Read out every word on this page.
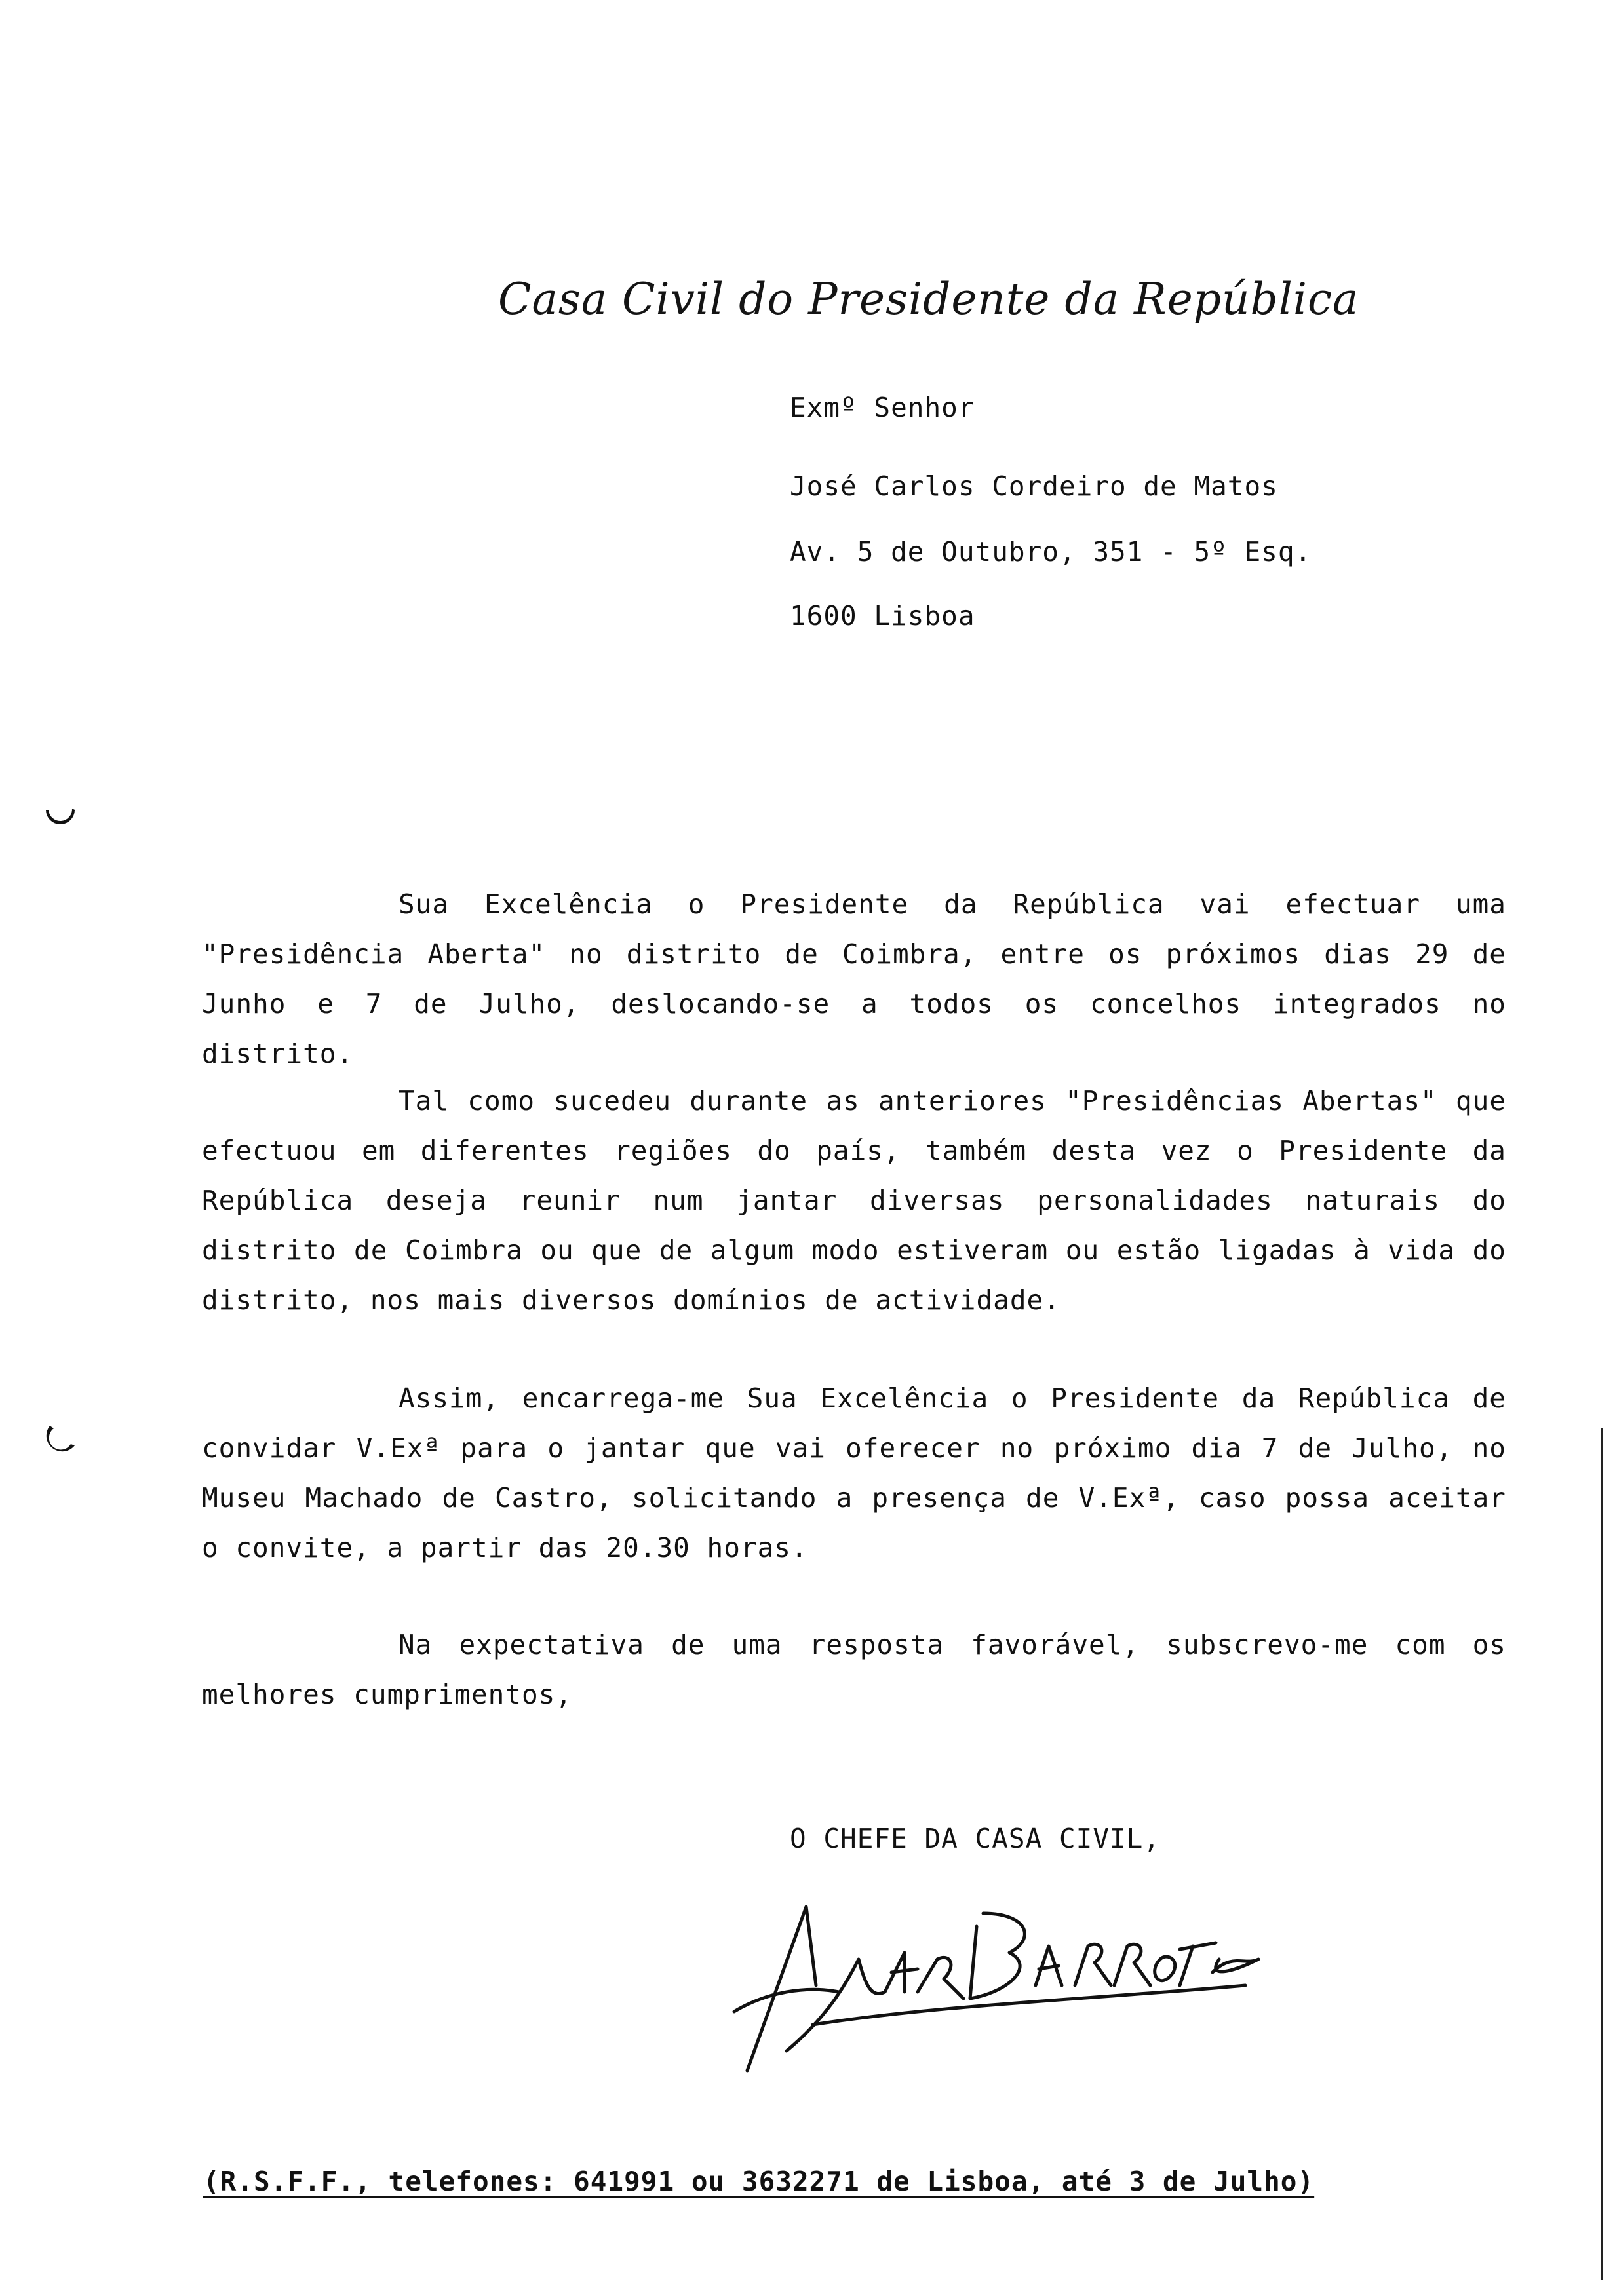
Casa Civil do Presidente da República
Exmº Senhor
José Carlos Cordeiro de Matos
Av. 5 de Outubro, 351 - 5º Esq.
1600 Lisboa
Sua Excelência o Presidente da República vai efectuar uma "Presidência Aberta" no distrito de Coimbra, entre os próximos dias 29 de Junho e 7 de Julho, deslocando-se a todos os concelhos integrados no distrito.
Tal como sucedeu durante as anteriores "Presidências Abertas" que efectuou em diferentes regiões do país, também desta vez o Presidente da República deseja reunir num jantar diversas personalidades naturais do distrito de Coimbra ou que de algum modo estiveram ou estão ligadas à vida do distrito, nos mais diversos domínios de actividade.
Assim, encarrega-me Sua Excelência o Presidente da República de convidar V.Exª para o jantar que vai oferecer no próximo dia 7 de Julho, no Museu Machado de Castro, solicitando a presença de V.Exª, caso possa aceitar o convite, a partir das 20.30 horas.
Na expectativa de uma resposta favorável, subscrevo-me com os melhores cumprimentos,
O CHEFE DA CASA CIVIL,
(R.S.F.F., telefones: 641991 ou 3632271 de Lisboa, até 3 de Julho)
